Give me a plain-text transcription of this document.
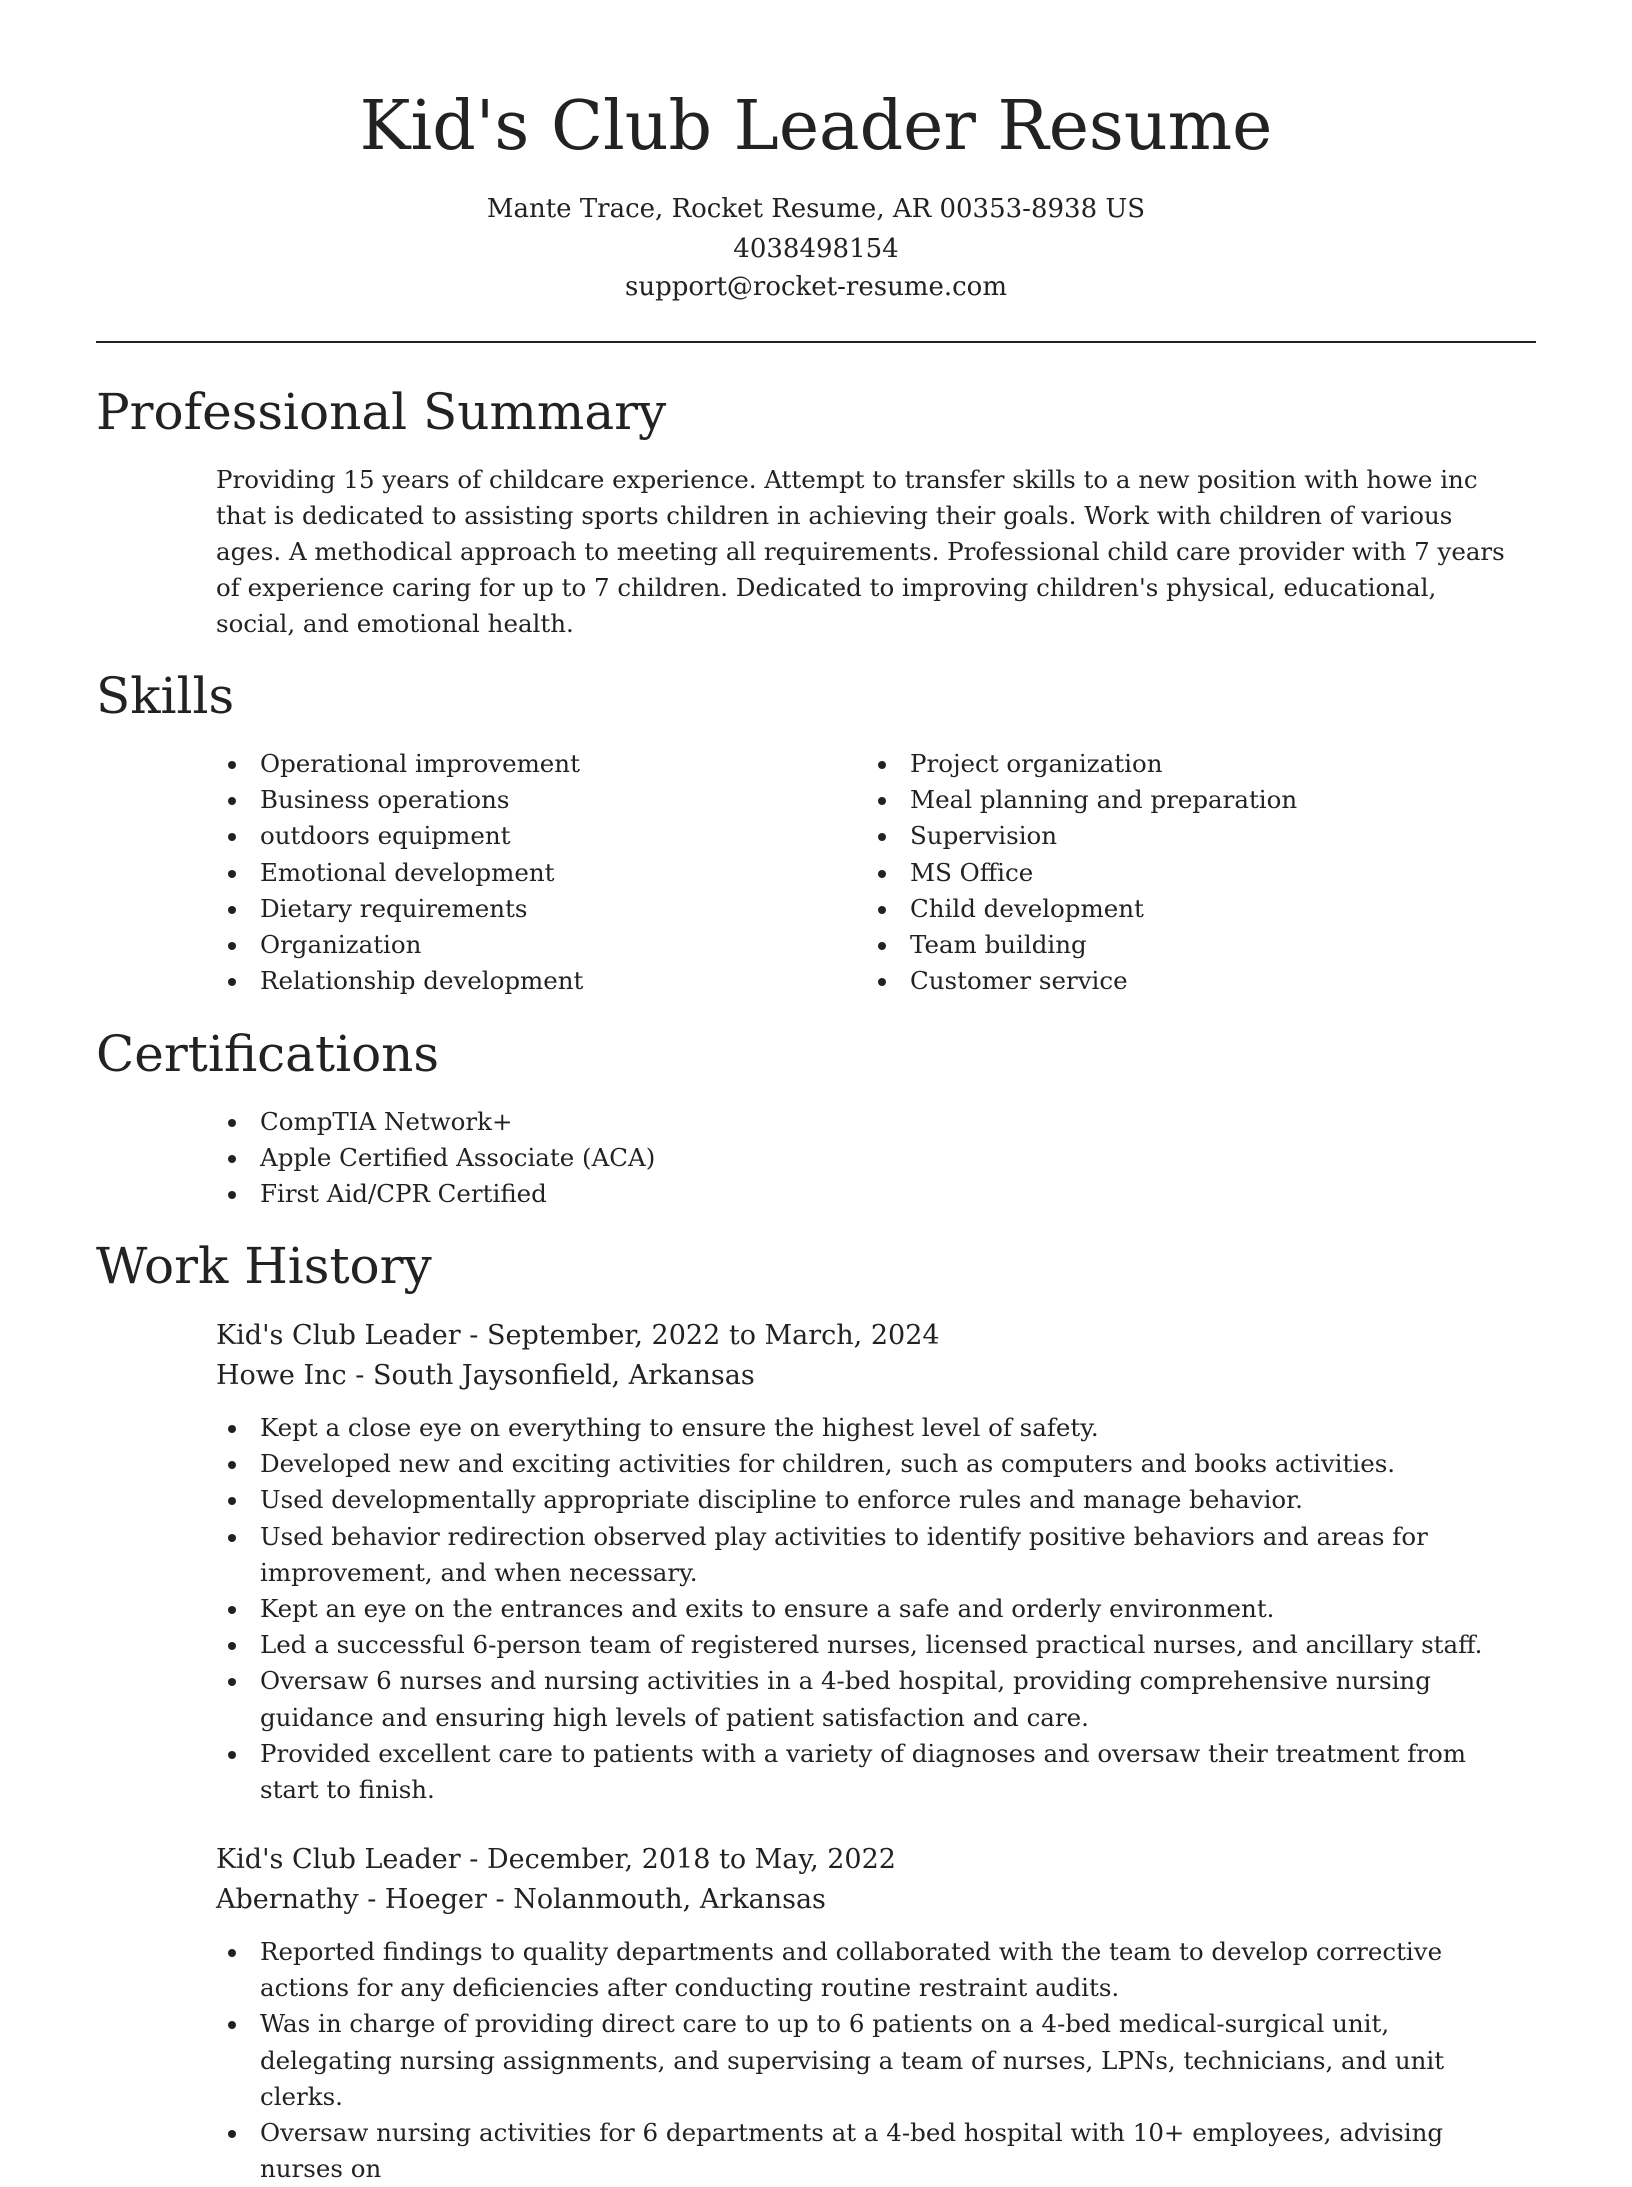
Kid's Club Leader Resume
Mante Trace, Rocket Resume, AR 00353-8938 US
4038498154
support@rocket-resume.com
Professional Summary

Providing 15 years of childcare experience. Attempt to transfer skills to a new position with howe inc that is dedicated to assisting sports children in achieving their goals. Work with children of various ages. A methodical approach to meeting all requirements. Professional child care provider with 7 years of experience caring for up to 7 children. Dedicated to improving children's physical, educational, social, and emotional health.

Skills
Operational improvement
Business operations
outdoors equipment
Emotional development
Dietary requirements
Organization
Relationship development
Project organization
Meal planning and preparation
Supervision
MS Office
Child development
Team building
Customer service
Certifications
CompTIA Network+
Apple Certified Associate (ACA)
First Aid/CPR Certified
Work History
Kid's Club Leader - September, 2022 to March, 2024
Howe Inc - South Jaysonfield, Arkansas
Kept a close eye on everything to ensure the highest level of safety.
Developed new and exciting activities for children, such as computers and books activities.
Used developmentally appropriate discipline to enforce rules and manage behavior.
Used behavior redirection observed play activities to identify positive behaviors and areas for improvement, and when necessary.
Kept an eye on the entrances and exits to ensure a safe and orderly environment.
Led a successful 6-person team of registered nurses, licensed practical nurses, and ancillary staff.
Oversaw 6 nurses and nursing activities in a 4-bed hospital, providing comprehensive nursing guidance and ensuring high levels of patient satisfaction and care.
Provided excellent care to patients with a variety of diagnoses and oversaw their treatment from start to finish.
Kid's Club Leader - December, 2018 to May, 2022
Abernathy - Hoeger - Nolanmouth, Arkansas
Reported findings to quality departments and collaborated with the team to develop corrective actions for any deficiencies after conducting routine restraint audits.
Was in charge of providing direct care to up to 6 patients on a 4-bed medical-surgical unit, delegating nursing assignments, and supervising a team of nurses, LPNs, technicians, and unit clerks.
Oversaw nursing activities for 6 departments at a 4-bed hospital with 10+ employees, advising nurses on
